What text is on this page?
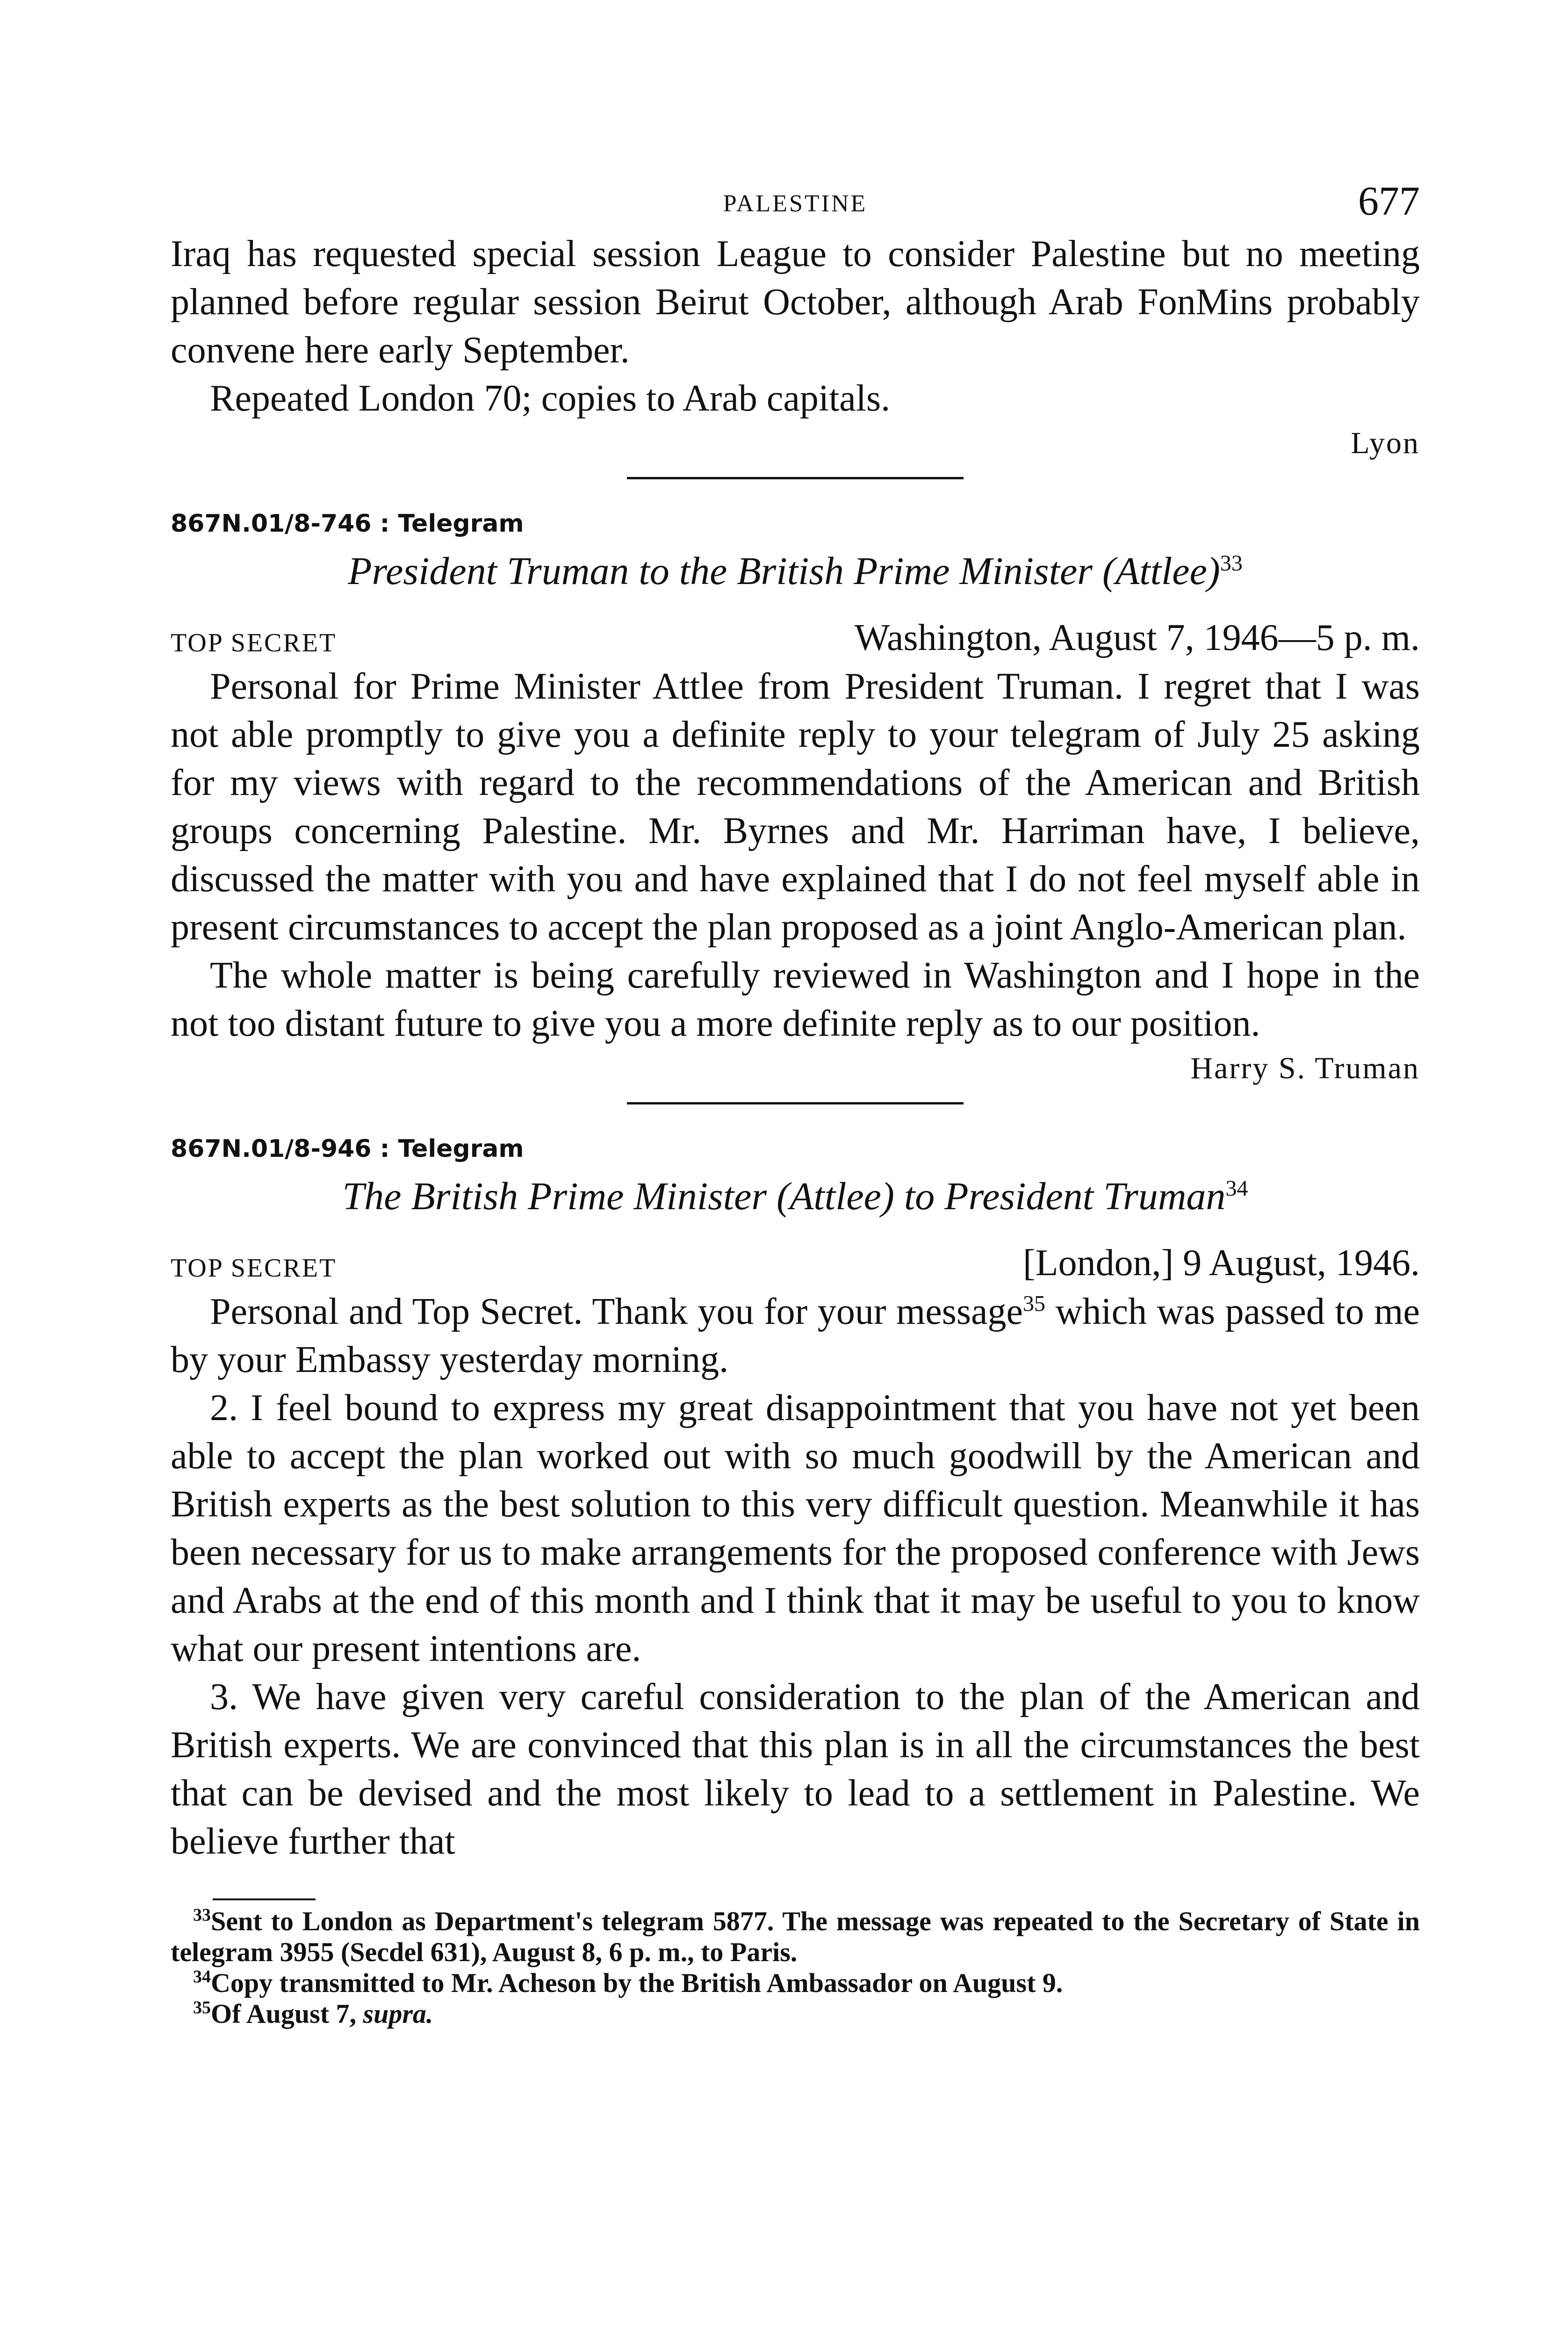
PALESTINE	677

Iraq has requested special session League to consider Palestine but no meeting planned before regular session Beirut October, although Arab FonMins probably convene here early September.

Repeated London 70; copies to Arab capitals.

Lyon
867N.01/8-746 : Telegram
President Truman to the British Prime Minister (Attlee)$^{33}$
TOP SECRET	Washington, August 7, 1946—5 p. m.

Personal for Prime Minister Attlee from President Truman. I regret that I was not able promptly to give you a definite reply to your telegram of July 25 asking for my views with regard to the recommendations of the American and British groups concerning Palestine. Mr. Byrnes and Mr. Harriman have, I believe, discussed the matter with you and have explained that I do not feel myself able in present circumstances to accept the plan proposed as a joint Anglo-American plan.

The whole matter is being carefully reviewed in Washington and I hope in the not too distant future to give you a more definite reply as to our position.

Harry S. Truman
867N.01/8-946 : Telegram
The British Prime Minister (Attlee) to President Truman$^{34}$
TOP SECRET	[London,] 9 August, 1946.

Personal and Top Secret. Thank you for your message$^{35}$ which was passed to me by your Embassy yesterday morning.

2. I feel bound to express my great disappointment that you have not yet been able to accept the plan worked out with so much goodwill by the American and British experts as the best solution to this very difficult question. Meanwhile it has been necessary for us to make arrangements for the proposed conference with Jews and Arabs at the end of this month and I think that it may be useful to you to know what our present intentions are.

3. We have given very careful consideration to the plan of the American and British experts. We are convinced that this plan is in all the circumstances the best that can be devised and the most likely to lead to a settlement in Palestine. We believe further that

$^{33}$Sent to London as Department's telegram 5877. The message was repeated to the Secretary of State in telegram 3955 (Secdel 631), August 8, 6 p. m., to Paris.
$^{34}$Copy transmitted to Mr. Acheson by the British Ambassador on August 9.
$^{35}$Of August 7, supra.
